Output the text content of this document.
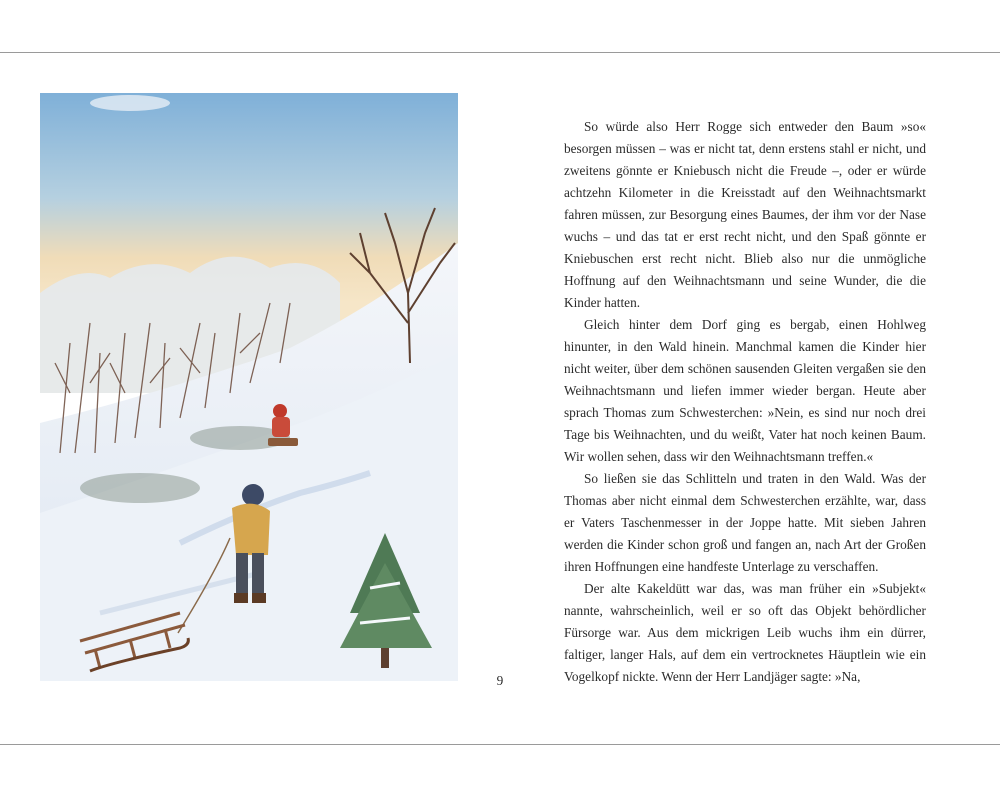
So würde also Herr Rogge sich entweder den Baum »so« besorgen müssen – was er nicht tat, denn erstens stahl er nicht, und zweitens gönnte er Kniebusch nicht die Freude –, oder er würde achtzehn Kilometer in die Kreisstadt auf den Weihnachtsmarkt fahren müssen, zur Besorgung eines Baumes, der ihm vor der Nase wuchs – und das tat er erst recht nicht, und den Spaß gönnte er Kniebuschen erst recht nicht. Blieb also nur die unmögliche Hoffnung auf den Weihnachtsmann und seine Wunder, die die Kinder hatten.

Gleich hinter dem Dorf ging es bergab, einen Hohlweg hinunter, in den Wald hinein. Manchmal kamen die Kinder hier nicht weiter, über dem schönen sausenden Gleiten vergaßen sie den Weihnachtsmann und liefen immer wieder bergan. Heute aber sprach Thomas zum Schwesterchen: »Nein, es sind nur noch drei Tage bis Weihnachten, und du weißt, Vater hat noch keinen Baum. Wir wollen sehen, dass wir den Weihnachtsmann treffen.«

So ließen sie das Schlitteln und traten in den Wald. Was der Thomas aber nicht einmal dem Schwesterchen erzählte, war, dass er Vaters Taschenmesser in der Joppe hatte. Mit sieben Jahren werden die Kinder schon groß und fangen an, nach Art der Großen ihren Hoffnungen eine handfeste Unterlage zu verschaffen.

Der alte Kakeldütt war das, was man früher ein »Subjekt« nannte, wahrscheinlich, weil er so oft das Objekt behördlicher Fürsorge war. Aus dem mickrigen Leib wuchs ihm ein dürrer, faltiger, langer Hals, auf dem ein vertrocknetes Häuptlein wie ein Vogelkopf nickte. Wenn der Herr Landjäger sagte: »Na,

9
